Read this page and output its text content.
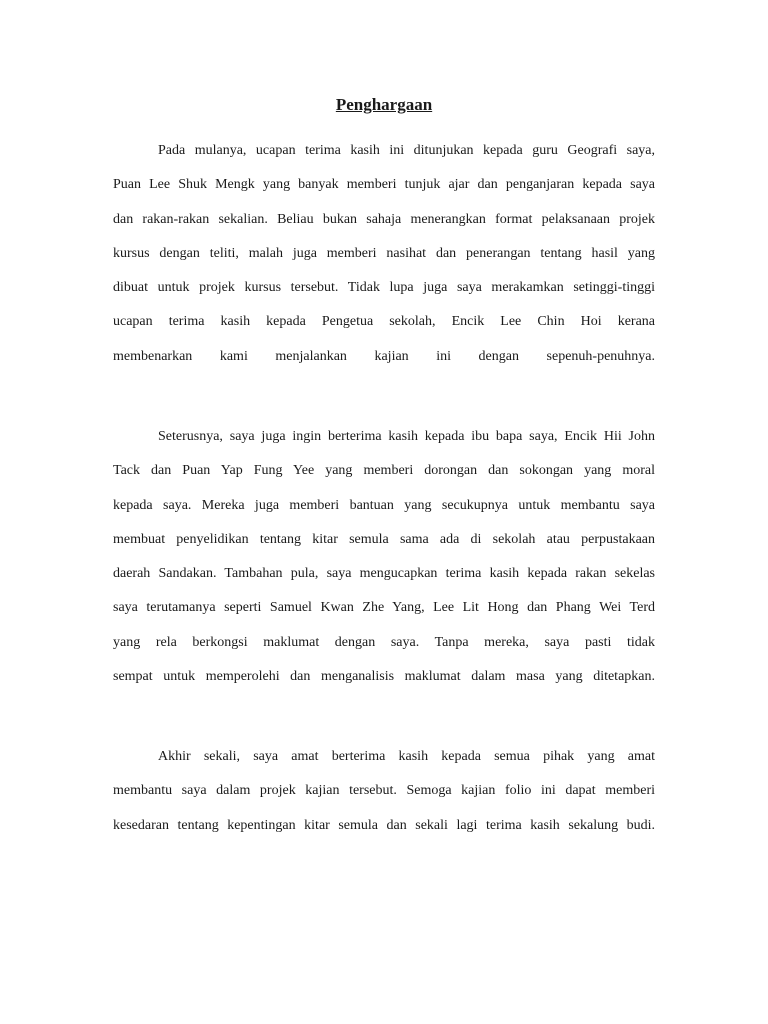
Penghargaan
Pada mulanya, ucapan terima kasih ini ditunjukan kepada guru Geografi saya,
Puan Lee Shuk Mengk yang banyak memberi tunjuk ajar dan penganjaran kepada saya
dan rakan-rakan sekalian. Beliau bukan sahaja menerangkan format pelaksanaan projek
kursus dengan teliti, malah juga memberi nasihat dan penerangan tentang hasil yang
dibuat untuk projek kursus tersebut. Tidak lupa juga saya merakamkan setinggi-tinggi
ucapan terima kasih kepada Pengetua sekolah, Encik Lee Chin Hoi kerana
membenarkan kami menjalankan kajian ini dengan sepenuh-penuhnya.
Seterusnya, saya juga ingin berterima kasih kepada ibu bapa saya, Encik Hii John
Tack dan Puan Yap Fung Yee yang memberi dorongan dan sokongan yang moral
kepada saya. Mereka juga memberi bantuan yang secukupnya untuk membantu saya
membuat penyelidikan tentang kitar semula sama ada di sekolah atau perpustakaan
daerah Sandakan. Tambahan pula, saya mengucapkan terima kasih kepada rakan sekelas
saya terutamanya seperti Samuel Kwan Zhe Yang, Lee Lit Hong dan Phang Wei Terd
yang rela berkongsi maklumat dengan saya. Tanpa mereka, saya pasti tidak
sempat untuk memperolehi dan menganalisis maklumat dalam masa yang ditetapkan.
Akhir sekali, saya amat berterima kasih kepada semua pihak yang amat
membantu saya dalam projek kajian tersebut. Semoga kajian folio ini dapat memberi
kesedaran tentang kepentingan kitar semula dan sekali lagi terima kasih sekalung budi.
